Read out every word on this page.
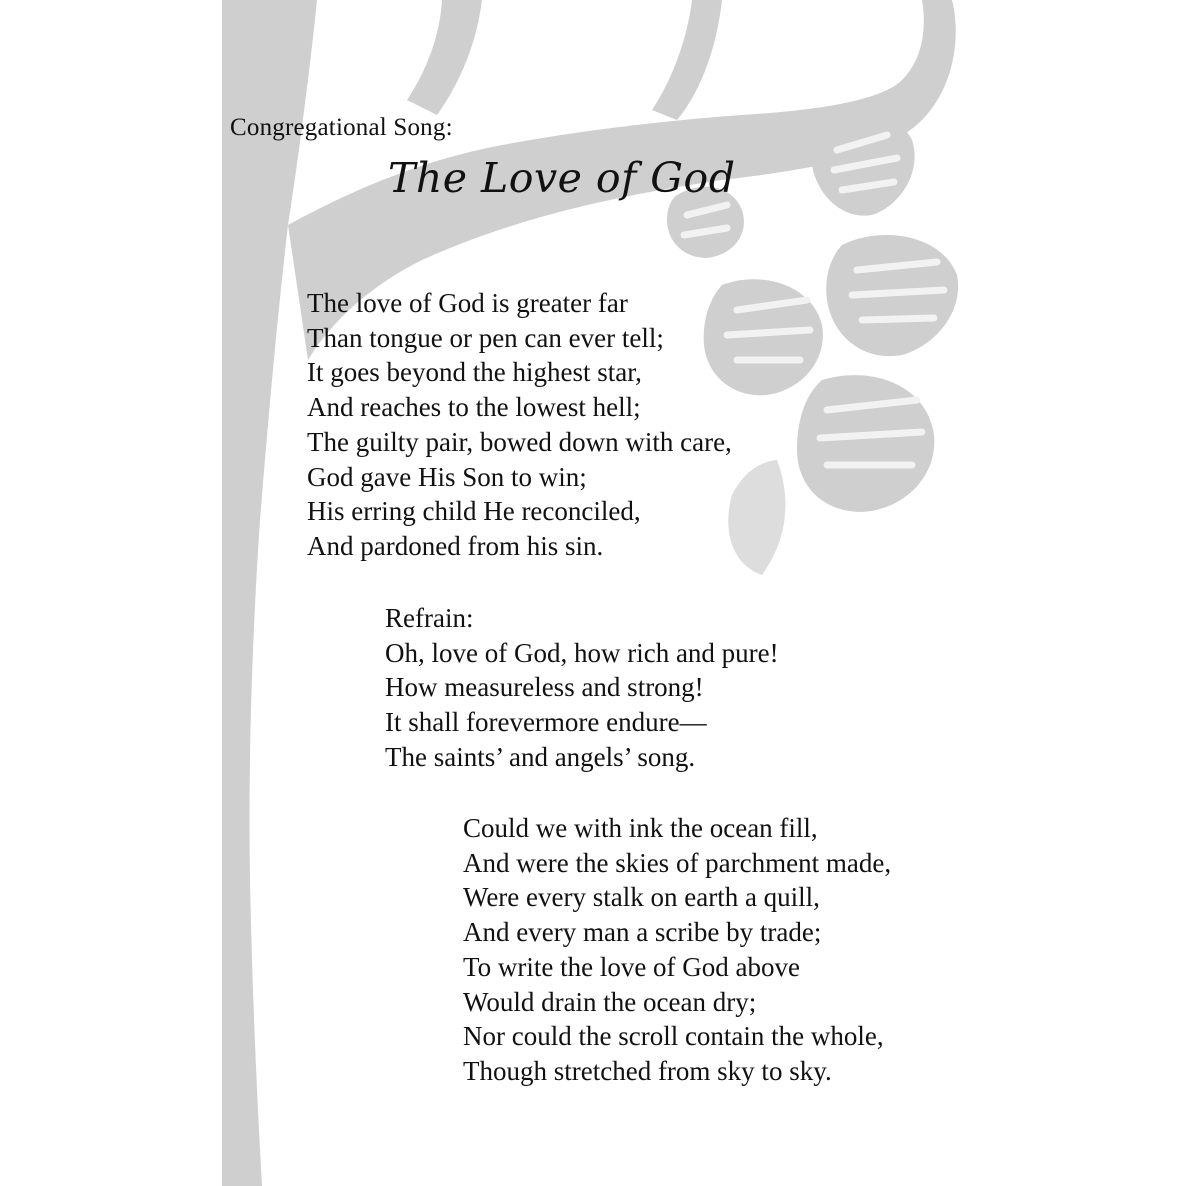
Congregational Song:
The Love of God
The love of God is greater far
Than tongue or pen can ever tell;
It goes beyond the highest star,
And reaches to the lowest hell;
The guilty pair, bowed down with care,
God gave His Son to win;
His erring child He reconciled,
And pardoned from his sin.
Refrain:
Oh, love of God, how rich and pure!
How measureless and strong!
It shall forevermore endure—
The saints’ and angels’ song.
Could we with ink the ocean fill,
And were the skies of parchment made,
Were every stalk on earth a quill,
And every man a scribe by trade;
To write the love of God above
Would drain the ocean dry;
Nor could the scroll contain the whole,
Though stretched from sky to sky.
